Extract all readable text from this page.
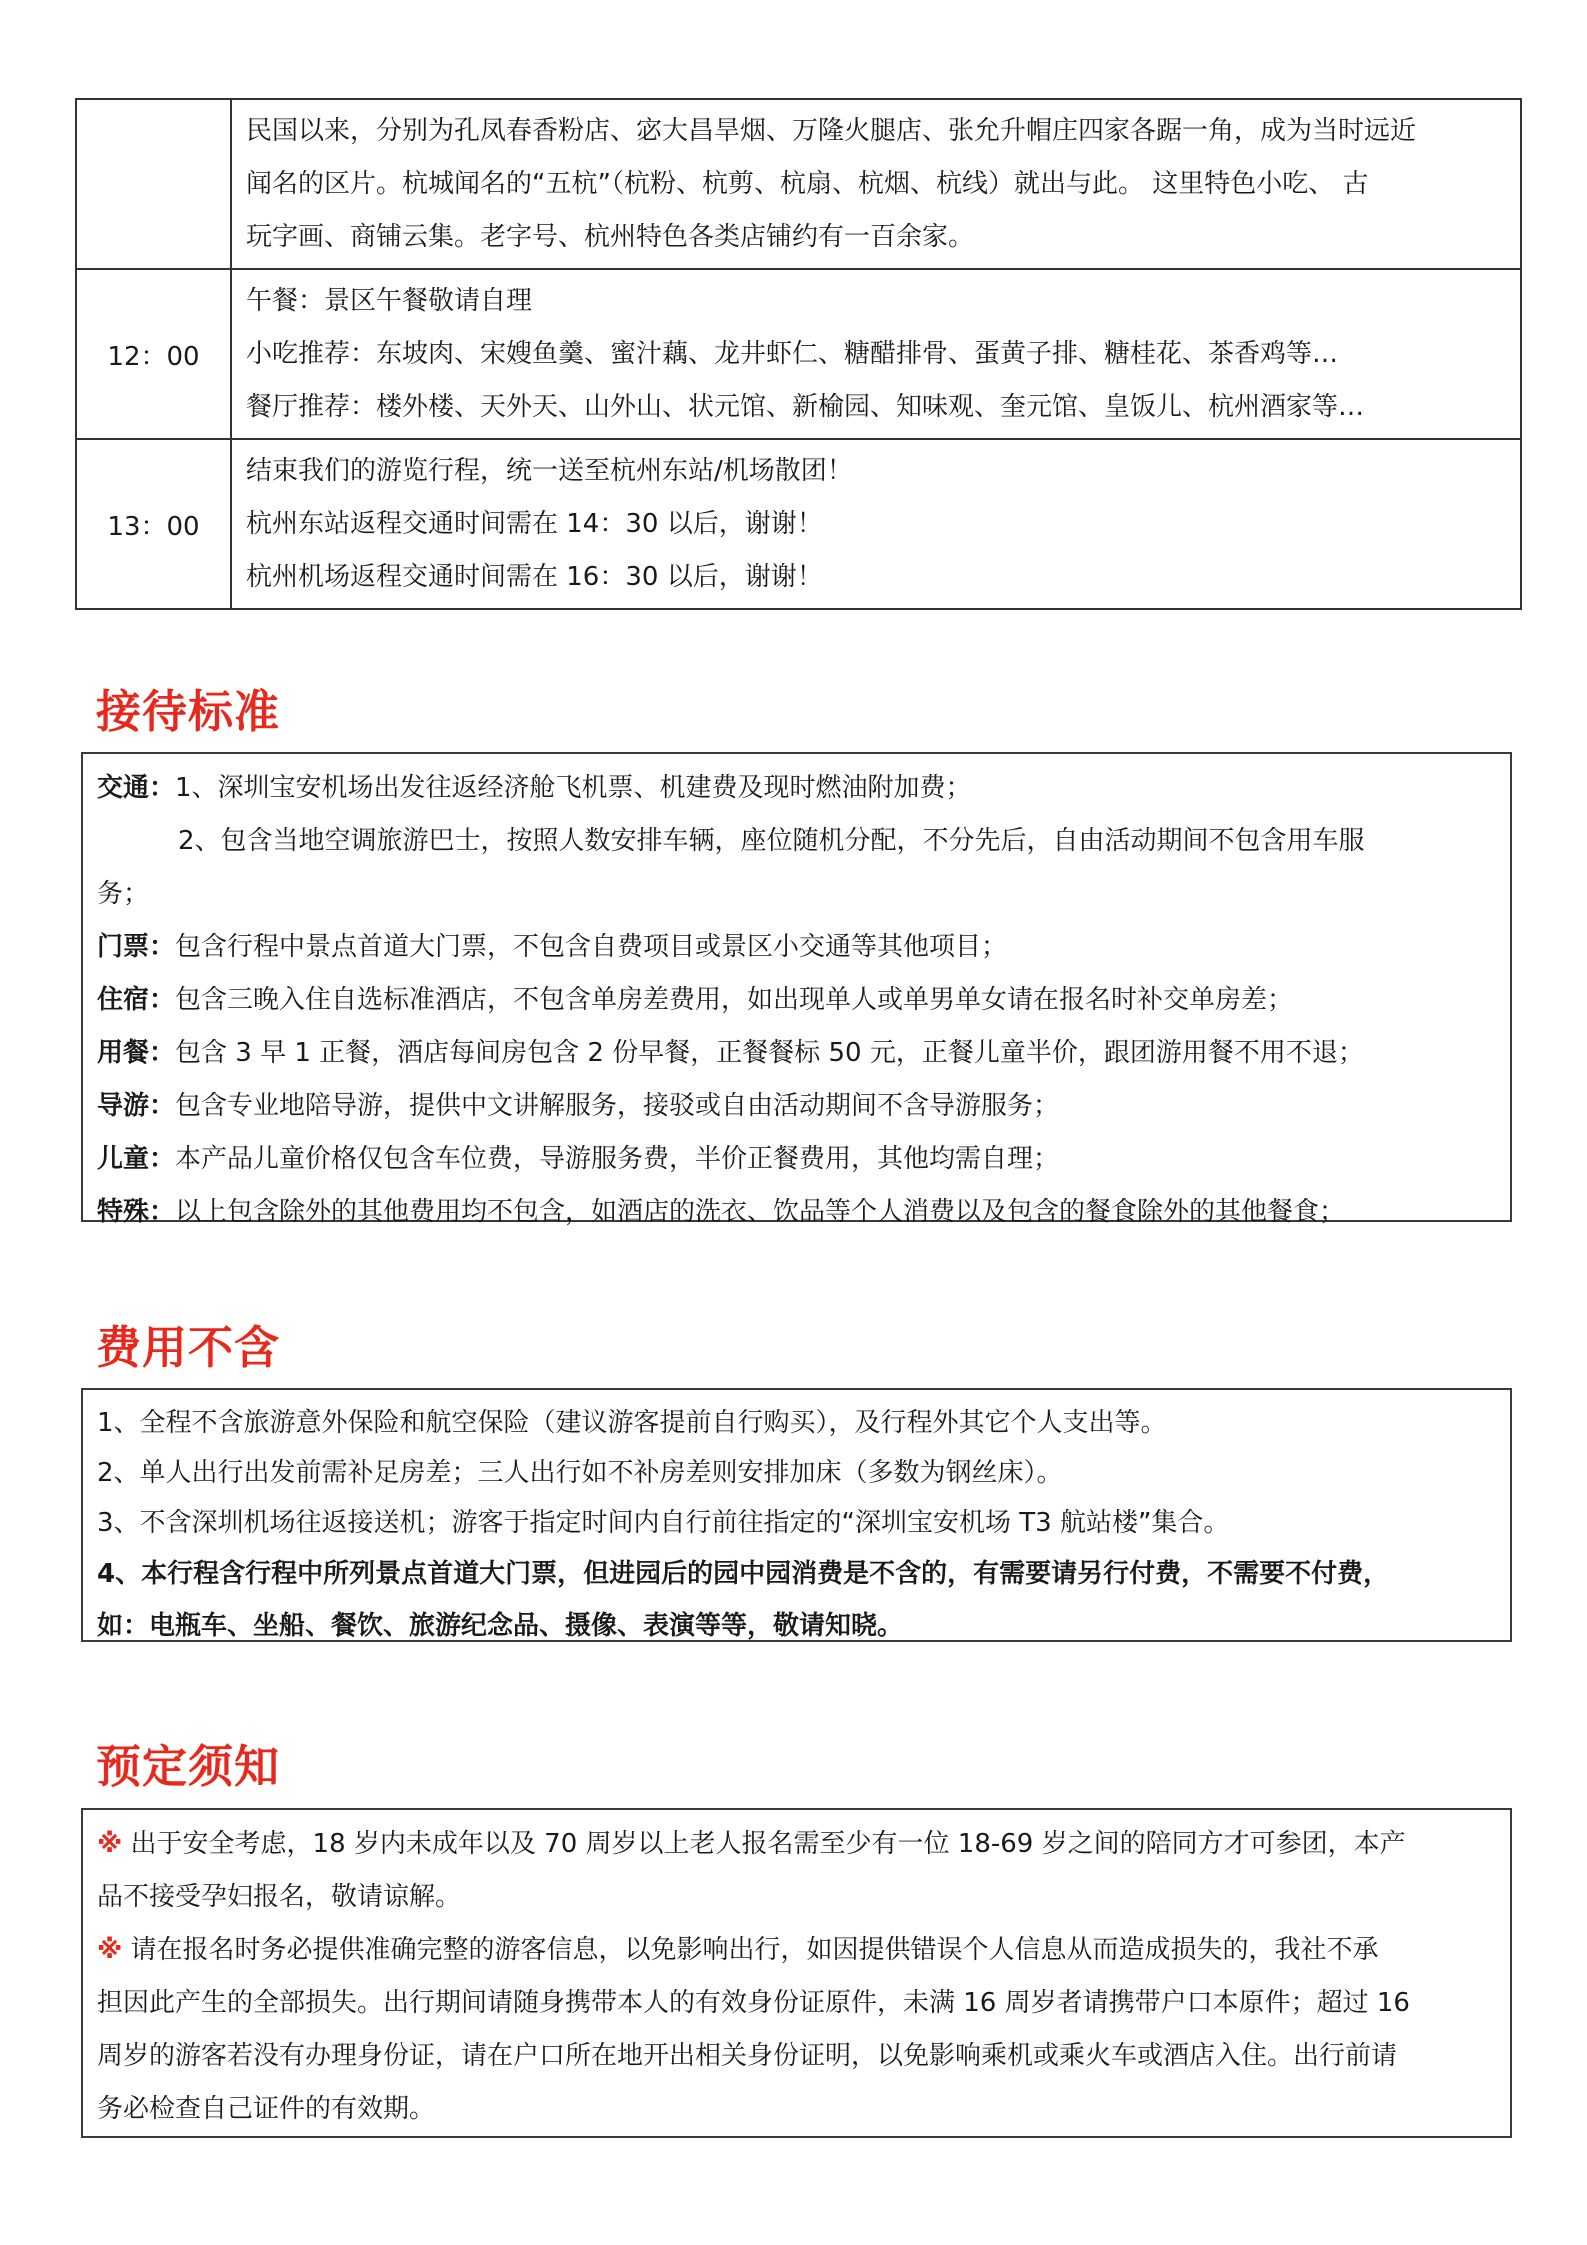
	民国以来，分别为孔凤春香粉店、宓大昌旱烟、万隆火腿店、张允升帽庄四家各踞一角，成为当时远近
闻名的区片。杭城闻名的“五杭”（杭粉、杭剪、杭扇、杭烟、杭线）就出与此。 这里特色小吃、 古
玩字画、商铺云集。老字号、杭州特色各类店铺约有一百余家。

12：00	午餐：景区午餐敬请自理
小吃推荐：东坡肉、宋嫂鱼羹、蜜汁藕、龙井虾仁、糖醋排骨、蛋黄子排、糖桂花、茶香鸡等…
餐厅推荐：楼外楼、天外天、山外山、状元馆、新榆园、知味观、奎元馆、皇饭儿、杭州酒家等…

13：00	结束我们的游览行程，统一送至杭州东站/机场散团！
杭州东站返程交通时间需在 14：30 以后，谢谢！
杭州机场返程交通时间需在 16：30 以后，谢谢！
接待标准

交通：1、深圳宝安机场出发往返经济舱飞机票、机建费及现时燃油附加费；

2、包含当地空调旅游巴士，按照人数安排车辆，座位随机分配，不分先后，自由活动期间不包含用车服

务；

门票：包含行程中景点首道大门票，不包含自费项目或景区小交通等其他项目；

住宿：包含三晚入住自选标准酒店，不包含单房差费用，如出现单人或单男单女请在报名时补交单房差；

用餐：包含 3 早 1 正餐，酒店每间房包含 2 份早餐，正餐餐标 50 元，正餐儿童半价，跟团游用餐不用不退；

导游：包含专业地陪导游，提供中文讲解服务，接驳或自由活动期间不含导游服务；

儿童：本产品儿童价格仅包含车位费，导游服务费，半价正餐费用，其他均需自理；

特殊：以上包含除外的其他费用均不包含，如酒店的洗衣、饮品等个人消费以及包含的餐食除外的其他餐食；

费用不含

1、全程不含旅游意外保险和航空保险（建议游客提前自行购买），及行程外其它个人支出等。

2、单人出行出发前需补足房差；三人出行如不补房差则安排加床（多数为钢丝床）。

3、不含深圳机场往返接送机；游客于指定时间内自行前往指定的“深圳宝安机场 T3 航站楼”集合。

4、本行程含行程中所列景点首道大门票，但进园后的园中园消费是不含的，有需要请另行付费，不需要不付费，

如：电瓶车、坐船、餐饮、旅游纪念品、摄像、表演等等，敬请知晓。

预定须知

※ 出于安全考虑，18 岁内未成年以及 70 周岁以上老人报名需至少有一位 18-69 岁之间的陪同方才可参团，本产

品不接受孕妇报名，敬请谅解。

※ 请在报名时务必提供准确完整的游客信息，以免影响出行，如因提供错误个人信息从而造成损失的，我社不承

担因此产生的全部损失。出行期间请随身携带本人的有效身份证原件，未满 16 周岁者请携带户口本原件；超过 16

周岁的游客若没有办理身份证，请在户口所在地开出相关身份证明，以免影响乘机或乘火车或酒店入住。出行前请

务必检查自己证件的有效期。
